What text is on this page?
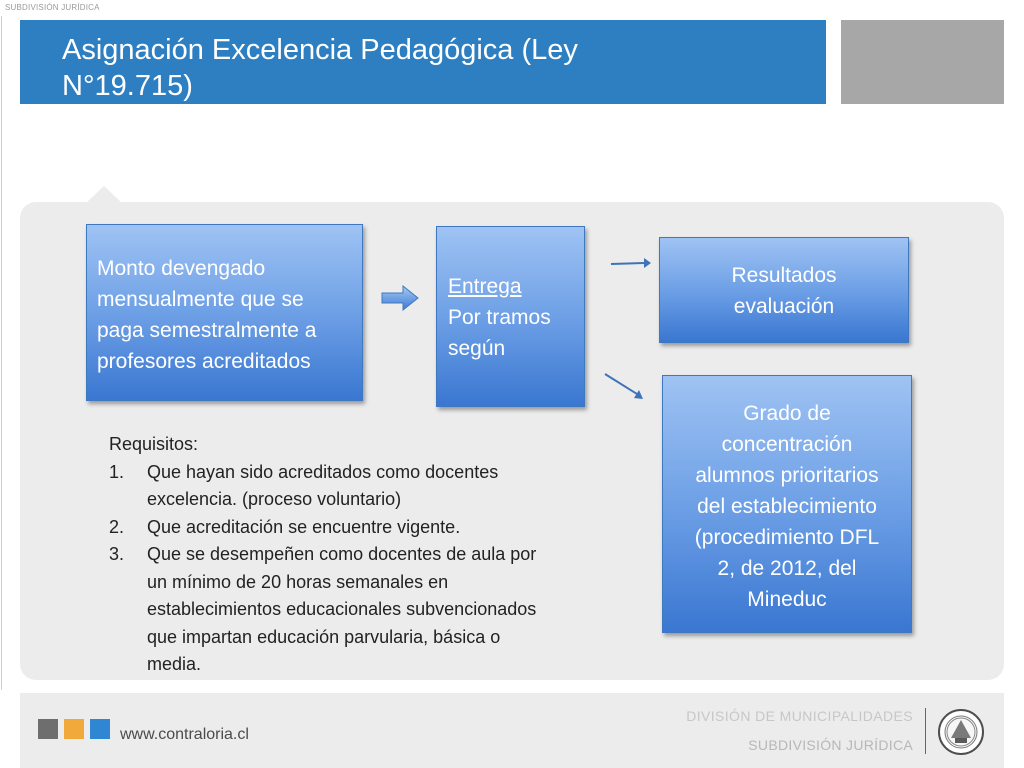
SUBDIVISIÓN JURÍDICA
Asignación Excelencia Pedagógica (Ley
N°19.715)
Monto devengado
mensualmente que se
paga semestralmente a
profesores acreditados
Entrega
Por tramos
según
Resultados
evaluación
Grado de
concentración
alumnos prioritarios
del establecimiento
(procedimiento DFL
2, de 2012, del
Mineduc
Requisitos:
1.	Que hayan sido acreditados como docentes
excelencia. (proceso voluntario)
2.	Que acreditación se encuentre vigente.
3.	Que se desempeñen como docentes de aula por
un mínimo de 20 horas semanales en
establecimientos educacionales subvencionados
que impartan educación parvularia, básica o
media.
www.contraloria.cl
DIVISIÓN DE MUNICIPALIDADES
SUBDIVISIÓN JURÍDICA
